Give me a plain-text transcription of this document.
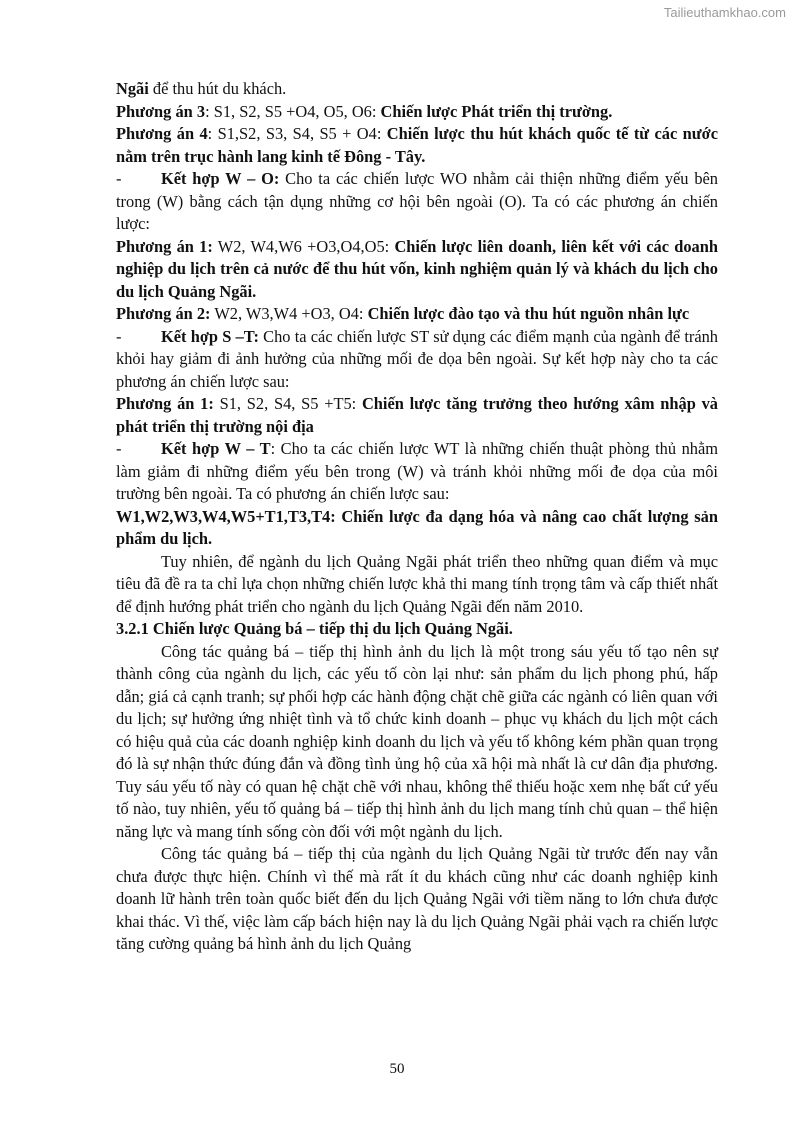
Tailieuthamkhao.com

Ngãi để thu hút du khách.

Phương án 3: S1, S2, S5 +O4, O5, O6: Chiến lược Phát triển thị trường.

Phương án 4: S1,S2, S3, S4, S5 + O4: Chiến lược thu hút khách quốc tế từ các nước nằm trên trục hành lang kinh tế Đông - Tây.

- Kết hợp W – O: Cho ta các chiến lược WO nhằm cải thiện những điểm yếu bên trong (W) bằng cách tận dụng những cơ hội bên ngoài (O). Ta có các phương án chiến lược:

Phương án 1: W2, W4,W6 +O3,O4,O5: Chiến lược liên doanh, liên kết với các doanh nghiệp du lịch trên cả nước để thu hút vốn, kinh nghiệm quản lý và khách du lịch cho du lịch Quảng Ngãi.

Phương án 2: W2, W3,W4 +O3, O4: Chiến lược đào tạo và thu hút nguồn nhân lực

- Kết hợp S –T: Cho ta các chiến lược ST sử dụng các điểm mạnh của ngành để tránh khỏi hay giảm đi ảnh hưởng của những mối đe dọa bên ngoài. Sự kết hợp này cho ta các phương án chiến lược sau:

Phương án 1: S1, S2, S4, S5 +T5: Chiến lược tăng trưởng theo hướng xâm nhập và phát triển thị trường nội địa

- Kết hợp W – T: Cho ta các chiến lược WT là những chiến thuật phòng thủ nhằm làm giảm đi những điểm yếu bên trong (W) và tránh khỏi những mối đe dọa của môi trường bên ngoài. Ta có phương án chiến lược sau:

W1,W2,W3,W4,W5+T1,T3,T4: Chiến lược đa dạng hóa và nâng cao chất lượng sản phẩm du lịch.

Tuy nhiên, để ngành du lịch Quảng Ngãi phát triển theo những quan điểm và mục tiêu đã đề ra ta chỉ lựa chọn những chiến lược khả thi mang tính trọng tâm và cấp thiết nhất để định hướng phát triển cho ngành du lịch Quảng Ngãi đến năm 2010.

3.2.1 Chiến lược Quảng bá – tiếp thị du lịch Quảng Ngãi.

Công tác quảng bá – tiếp thị hình ảnh du lịch là một trong sáu yếu tố tạo nên sự thành công của ngành du lịch, các yếu tố còn lại như: sản phẩm du lịch phong phú, hấp dẫn; giá cả cạnh tranh; sự phối hợp các hành động chặt chẽ giữa các ngành có liên quan với du lịch; sự hưởng ứng nhiệt tình và tổ chức kinh doanh – phục vụ khách du lịch một cách có hiệu quả của các doanh nghiệp kinh doanh du lịch và yếu tố không kém phần quan trọng đó là sự nhận thức đúng đắn và đồng tình ủng hộ của xã hội mà nhất là cư dân địa phương. Tuy sáu yếu tố này có quan hệ chặt chẽ với nhau, không thể thiếu hoặc xem nhẹ bất cứ yếu tố nào, tuy nhiên, yếu tố quảng bá – tiếp thị hình ảnh du lịch mang tính chủ quan – thể hiện năng lực và mang tính sống còn đối với một ngành du lịch.

Công tác quảng bá – tiếp thị của ngành du lịch Quảng Ngãi từ trước đến nay vẫn chưa được thực hiện. Chính vì thế mà rất ít du khách cũng như các doanh nghiệp kinh doanh lữ hành trên toàn quốc biết đến du lịch Quảng Ngãi với tiềm năng to lớn chưa được khai thác. Vì thế, việc làm cấp bách hiện nay là du lịch Quảng Ngãi phải vạch ra chiến lược tăng cường quảng bá hình ảnh du lịch Quảng

50
